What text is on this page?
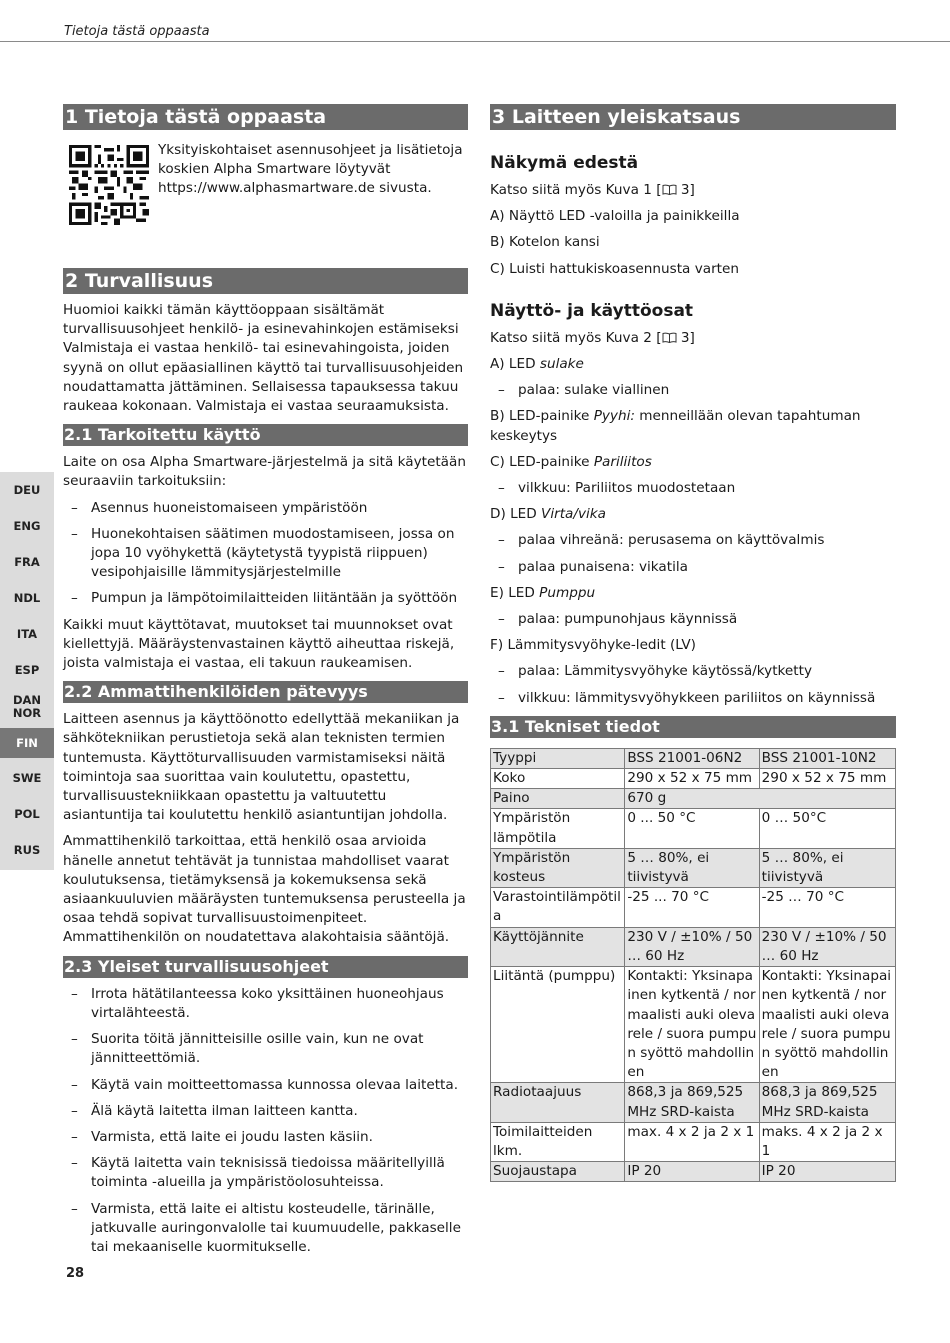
Tietoja tästä oppaasta
DEU
ENG
FRA
NDL
ITA
ESP
DAN NOR
FIN
SWE
POL
RUS
1 Tietoja tästä oppaasta
Yksityiskohtaiset asennusohjeet ja lisätietoja koskien Alpha Smartware löytyvät https://www.alphasmartware.de sivusta.
2 Turvallisuus

Huomioi kaikki tämän käyttöoppaan sisältämät turvallisuusohjeet henkilö- ja esinevahinkojen estämiseksi Valmistaja ei vastaa henkilö- tai esinevahingoista, joiden syynä on ollut epäasiallinen käyttö tai turvallisuusohjeiden noudattamatta jättäminen. Sellaisessa tapauksessa takuu raukeaa kokonaan. Valmistaja ei vastaa seuraamuksista.

2.1 Tarkoitettu käyttö

Laite on osa Alpha Smartware-järjestelmä ja sitä käytetään seuraaviin tarkoituksiin:

– Asennus huoneistomaiseen ympäristöön
– Huonekohtaisen säätimen muodostamiseen, jossa on jopa 10 vyöhykettä (käytetystä tyypistä riippuen) vesipohjaisille lämmitysjärjestelmille
– Pumpun ja lämpötoimilaitteiden liitäntään ja syöttöön

Kaikki muut käyttötavat, muutokset tai muunnokset ovat kiellettyjä. Määräystenvastainen käyttö aiheuttaa riskejä, joista valmistaja ei vastaa, eli takuun raukeamisen.

2.2 Ammattihenkilöiden pätevyys

Laitteen asennus ja käyttöönotto edellyttää mekaniikan ja sähkötekniikan perustietoja sekä alan teknisten termien tuntemusta. Käyttöturvallisuuden varmistamiseksi näitä toimintoja saa suorittaa vain koulutettu, opastettu, turvallisuustekniikkaan opastettu ja valtuutettu asiantuntija tai koulutettu henkilö asiantuntijan johdolla.

Ammattihenkilö tarkoittaa, että henkilö osaa arvioida hänelle annetut tehtävät ja tunnistaa mahdolliset vaarat koulutuksensa, tietämyksensä ja kokemuksensa sekä asiaankuuluvien määräysten tuntemuksensa perusteella ja osaa tehdä sopivat turvallisuustoimenpiteet. Ammattihenkilön on noudatettava alakohtaisia sääntöjä.

2.3 Yleiset turvallisuusohjeet
– Irrota hätätilanteessa koko yksittäinen huoneohjaus virtalähteestä.
– Suorita töitä jännitteisille osille vain, kun ne ovat jännitteettömiä.
– Käytä vain moitteettomassa kunnossa olevaa laitetta.
– Älä käytä laitetta ilman laitteen kantta.
– Varmista, että laite ei joudu lasten käsiin.
– Käytä laitetta vain teknisissä tiedoissa määritellyillä toiminta -alueilla ja ympäristöolosuhteissa.
– Varmista, että laite ei altistu kosteudelle, tärinälle, jatkuvalle auringonvalolle tai kuumuudelle, pakkaselle tai mekaaniselle kuormitukselle.
3 Laitteen yleiskatsaus
Näkymä edestä

Katso siitä myös Kuva 1 [ 3]

A) Näyttö LED -valoilla ja painikkeilla

B) Kotelon kansi

C) Luisti hattukiskoasennusta varten

Näyttö- ja käyttöosat

Katso siitä myös Kuva 2 [ 3]

A) LED sulake

– palaa: sulake viallinen

B) LED-painike Pyyhi: menneillään olevan tapahtuman keskeytys

C) LED-painike Pariliitos

– vilkkuu: Pariliitos muodostetaan

D) LED Virta/vika

– palaa vihreänä: perusasema on käyttövalmis
– palaa punaisena: vikatila

E) LED Pumppu

– palaa: pumpunohjaus käynnissä

F) Lämmitysvyöhyke-ledit (LV)

– palaa: Lämmitysvyöhyke käytössä/kytketty
– vilkkuu: lämmitysvyöhykkeen pariliitos on käynnissä
3.1 Tekniset tiedot
Tyyppi	BSS 21001-06N2	BSS 21001-10N2
Koko	290 x 52 x 75 mm	290 x 52 x 75 mm
Paino	670 g	
Ympäristön lämpötila	0 ... 50 °C	0 … 50°C
Ympäristön kosteus	5 … 80%, ei tiivistyvä	5 … 80%, ei tiivistyvä
Varastointilämpötila	-25 ... 70 °C	-25 … 70 °C
Käyttöjännite	230 V / ±10% / 50 … 60 Hz	230 V / ±10% / 50 … 60 Hz
Liitäntä (pumppu)	Kontakti: Yksinapainen kytkentä / normaalisti auki oleva rele / suora pumpun syöttö mahdollinen	Kontakti: Yksinapainen kytkentä / normaalisti auki oleva rele / suora pumpun syöttö mahdollinen
Radiotaajuus	868,3 ja 869,525 MHz SRD-kaista	868,3 ja 869,525 MHz SRD-kaista
Toimilaitteiden lkm.	max. 4 x 2 ja 2 x 1	maks. 4 x 2 ja 2 x 1
Suojaustapa	IP 20	IP 20
28
